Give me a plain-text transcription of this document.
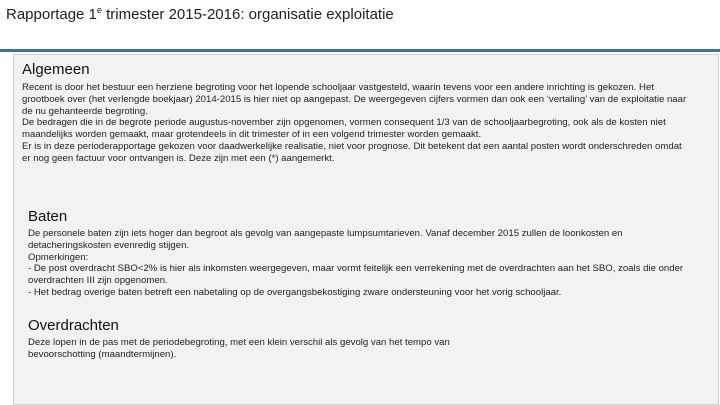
Rapportage 1e trimester 2015-2016: organisatie exploitatie
Algemeen

Recent is door het bestuur een herziene begroting voor het lopende schooljaar vastgesteld, waarin tevens voor een andere inrichting is gekozen. Het grootboek over (het verlengde boekjaar) 2014-2015 is hier niet op aangepast. De weergegeven cijfers vormen dan ook een ‘vertaling’ van de exploitatie naar de nu gehanteerde begroting.

De bedragen die in de begrote periode augustus-november zijn opgenomen, vormen consequent 1/3 van de schooljaarbegroting, ook als de kosten niet maandelijks worden gemaakt, maar grotendeels in dit trimester of in een volgend trimester worden gemaakt.

Er is in deze perioderapportage gekozen voor daadwerkelijke realisatie, niet voor prognose. Dit betekent dat een aantal posten wordt onderschreden omdat er nog geen factuur voor ontvangen is. Deze zijn met een (*) aangemerkt.

Baten

De personele baten zijn iets hoger dan begroot als gevolg van aangepaste lumpsumtarieven. Vanaf december 2015 zullen de loonkosten en detacheringskosten evenredig stijgen.

Opmerkingen:

- De post overdracht SBO<2% is hier als inkomsten weergegeven, maar vormt feitelijk een verrekening met de overdrachten aan het SBO, zoals die onder overdrachten III zijn opgenomen.

- Het bedrag overige baten betreft een nabetaling op de overgangsbekostiging zware ondersteuning voor het vorig schooljaar.

Overdrachten

Deze lopen in de pas met de periodebegroting, met een klein verschil als gevolg van het tempo van bevoorschotting (maandtermijnen).
